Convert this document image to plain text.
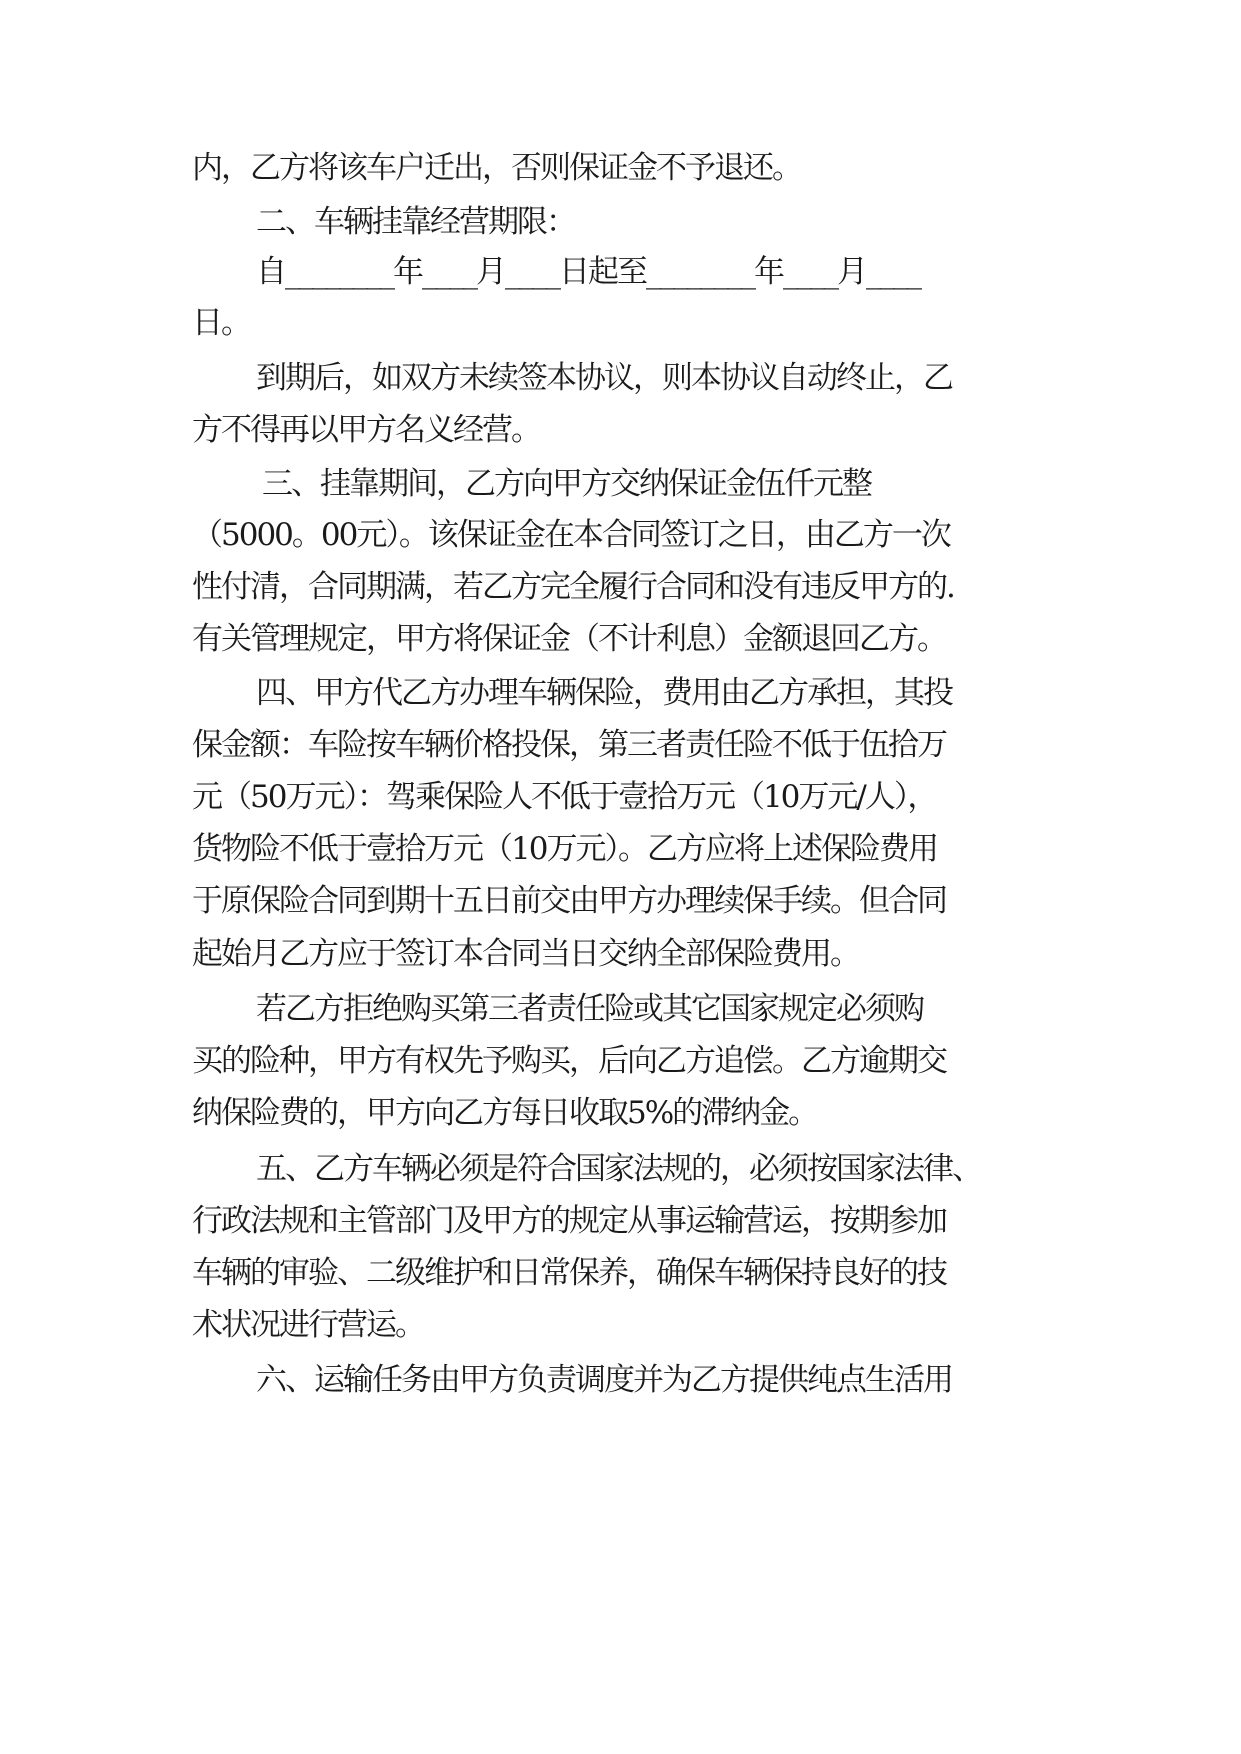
内，乙方将该车户迁出，否则保证金不予退还。
二、车辆挂靠经营期限：
自________年____月____日起至________年____月____
日。
到期后，如双方未续签本协议，则本协议自动终止，乙
方不得再以甲方名义经营。
三、挂靠期间，乙方向甲方交纳保证金伍仟元整
（5000。00元）。该保证金在本合同签订之日，由乙方一次
性付清，合同期满，若乙方完全履行合同和没有违反甲方的.
有关管理规定，甲方将保证金（不计利息）金额退回乙方。
四、甲方代乙方办理车辆保险，费用由乙方承担，其投
保金额：车险按车辆价格投保，第三者责任险不低于伍拾万
元（50万元）：驾乘保险人不低于壹拾万元（10万元/人），
货物险不低于壹拾万元（10万元）。乙方应将上述保险费用
于原保险合同到期十五日前交由甲方办理续保手续。但合同
起始月乙方应于签订本合同当日交纳全部保险费用。
若乙方拒绝购买第三者责任险或其它国家规定必须购
买的险种，甲方有权先予购买，后向乙方追偿。乙方逾期交
纳保险费的，甲方向乙方每日收取5%的滞纳金。
五、乙方车辆必须是符合国家法规的，必须按国家法律、
行政法规和主管部门及甲方的规定从事运输营运，按期参加
车辆的审验、二级维护和日常保养，确保车辆保持良好的技
术状况进行营运。
六、运输任务由甲方负责调度并为乙方提供纯点生活用
